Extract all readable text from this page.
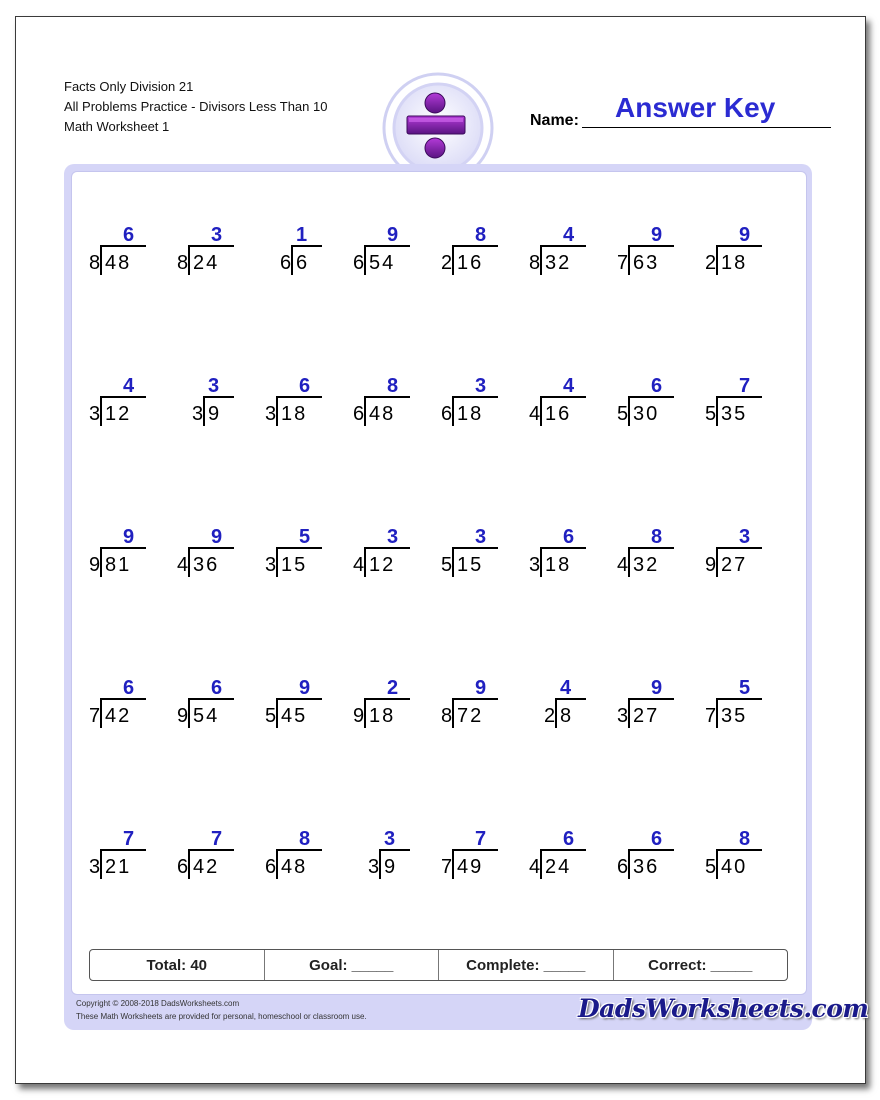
Facts Only Division 21
All Problems Practice - Divisors Less Than 10
Math Worksheet 1	Name: Answer Key
6
8 48
3
8 24
1
6 6
9
6 54
8
2 16
4
8 32
9
7 63
9
2 18
4
3 12
3
3 9
6
3 18
8
6 48
3
6 18
4
4 16
6
5 30
7
5 35
9
9 81
9
4 36
5
3 15
3
4 12
3
5 15
6
3 18
8
4 32
3
9 27
6
7 42
6
9 54
9
5 45
2
9 18
9
8 72
4
2 8
9
3 27
5
7 35
7
3 21
7
6 42
8
6 48
3
3 9
7
7 49
6
4 24
6
6 36
8
5 40
Total: 40	Goal: _____	Complete: _____	Correct: _____
Copyright © 2008-2018 DadsWorksheets.com
These Math Worksheets are provided for personal, homeschool or classroom use.	DadsWorksheets.com
